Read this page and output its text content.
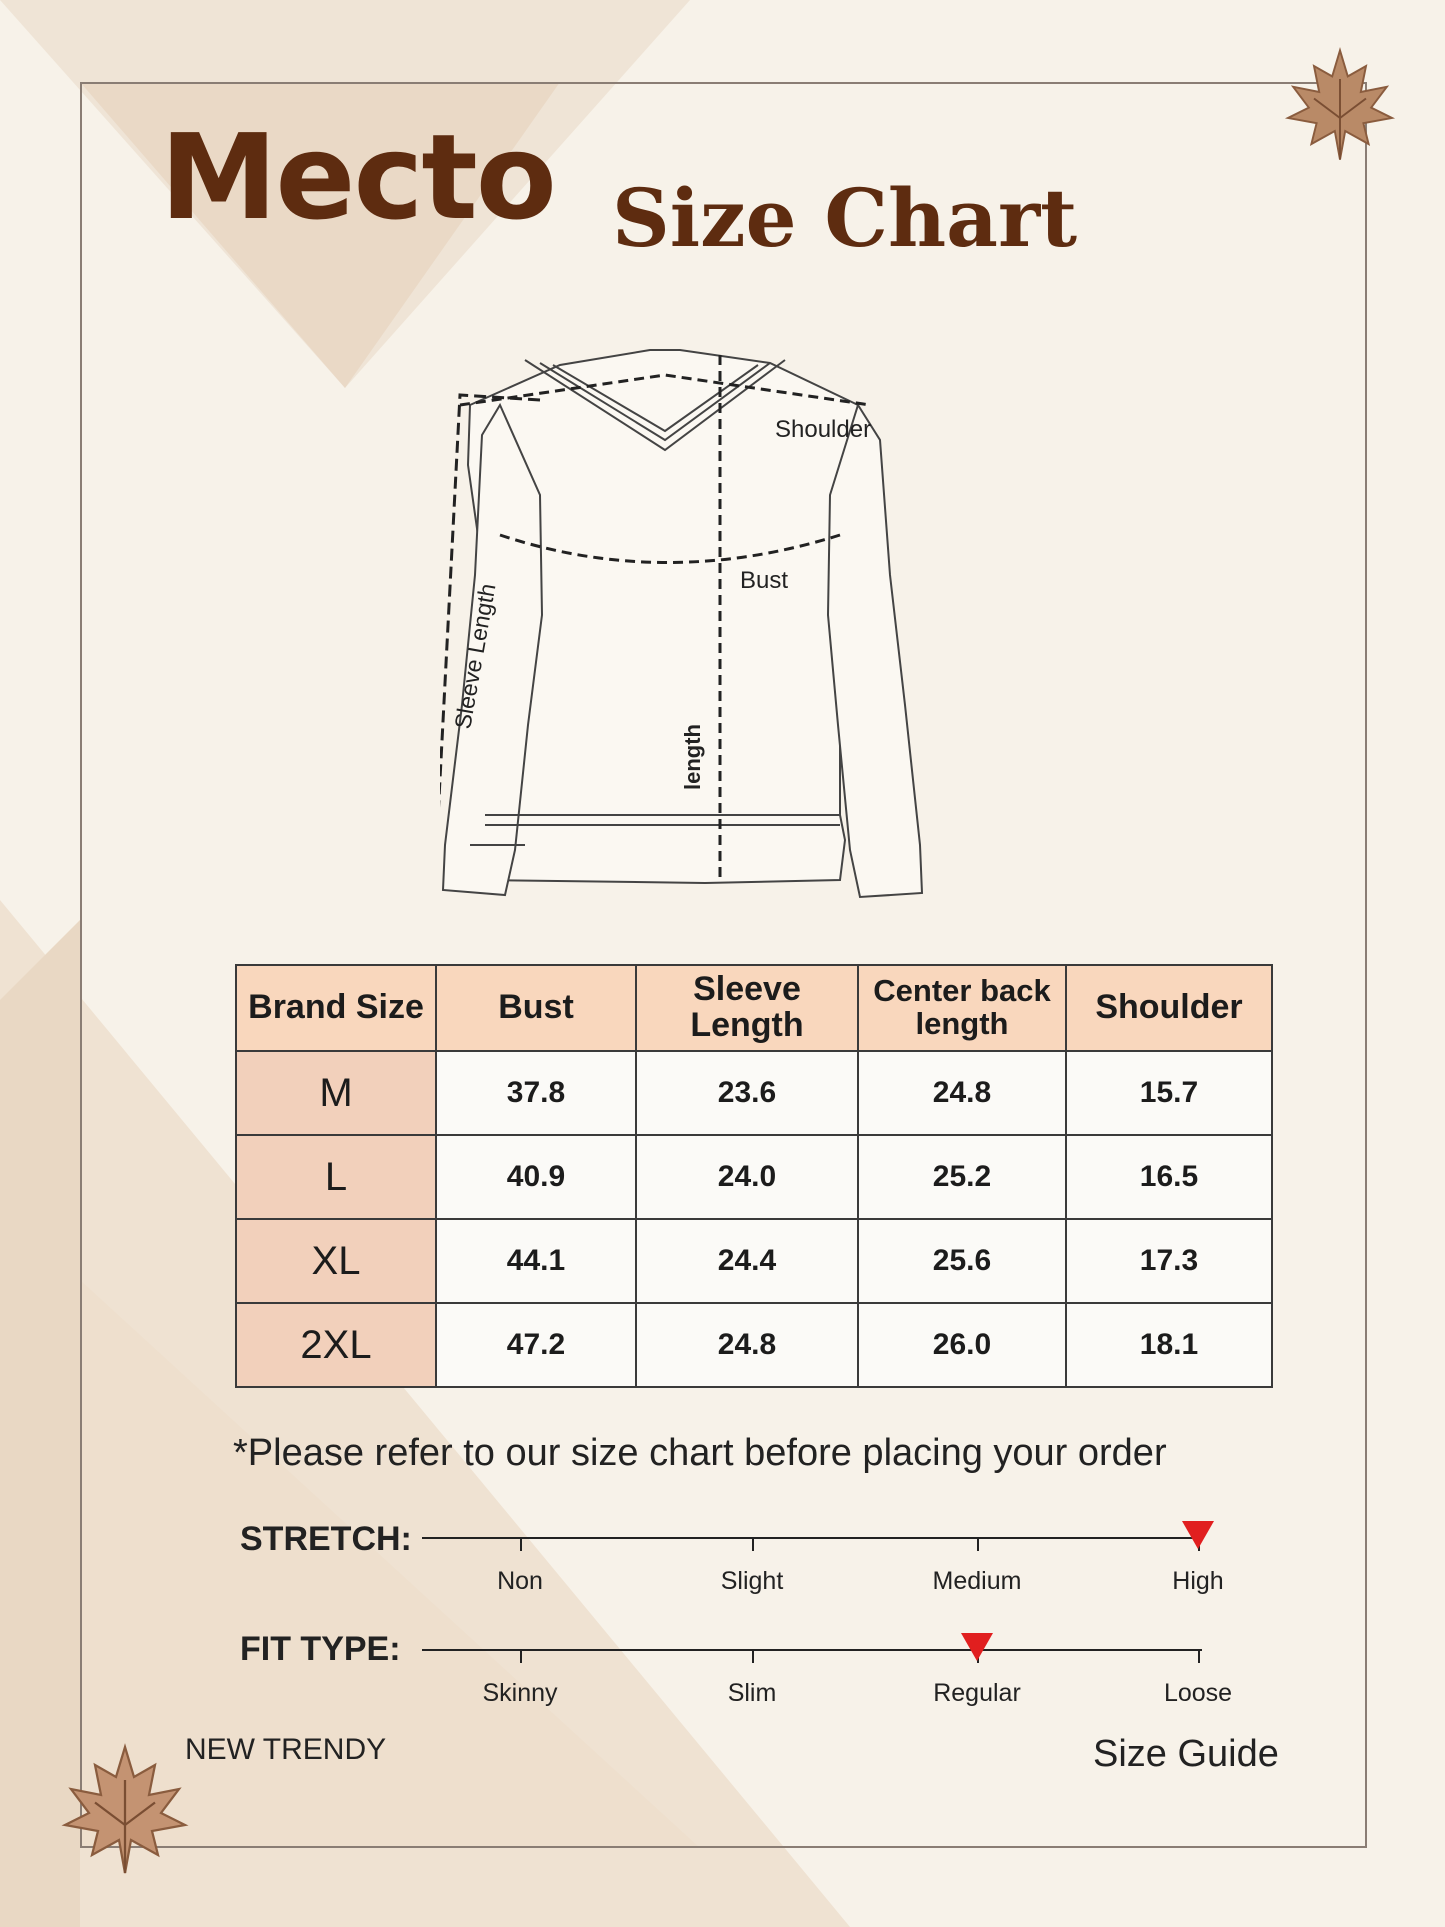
Mecto Size Chart
Shoulder
Bust
Sleeve Length
length
Brand Size	Bust	Sleeve Length	Center back length	Shoulder
M	37.8	23.6	24.8	15.7
L	40.9	24.0	25.2	16.5
XL	44.1	24.4	25.6	17.3
2XL	47.2	24.8	26.0	18.1
*Please refer to our size chart before placing your order
STRETCH:
Non	Slight	Medium	High
FIT TYPE:
Skinny	Slim	Regular	Loose
NEW TRENDY	Size Guide
